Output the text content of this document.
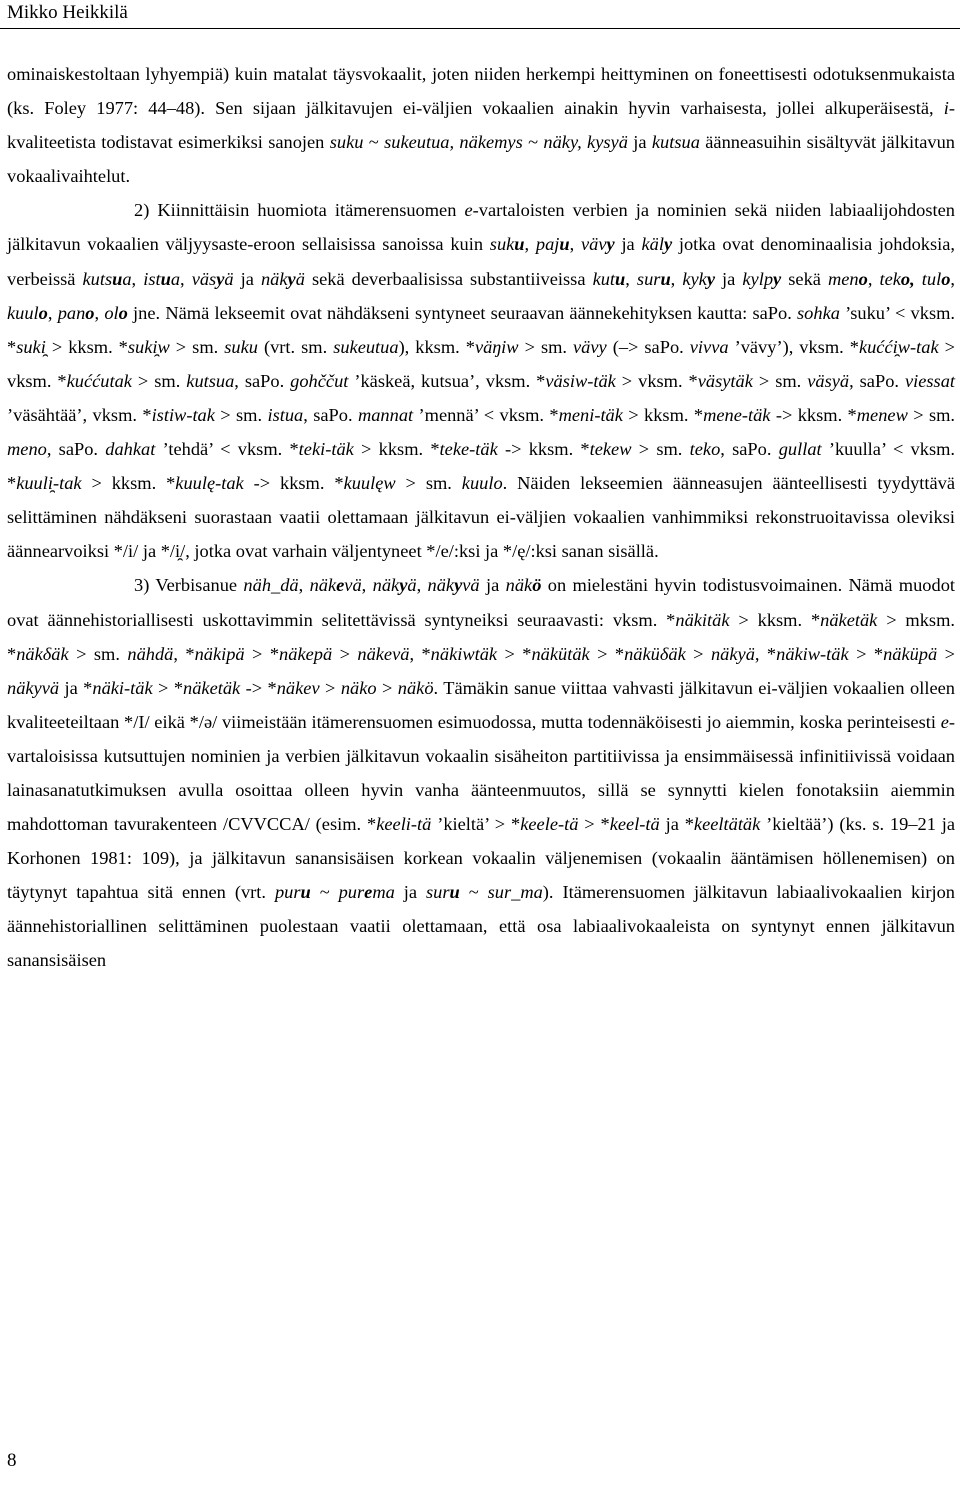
Mikko Heikkilä

ominaiskestoltaan lyhyempiä) kuin matalat täysvokaalit, joten niiden herkempi heittyminen on foneettisesti odotuksenmukaista (ks. Foley 1977: 44–48). Sen sijaan jälkitavujen ei-väljien vokaalien ainakin hyvin varhaisesta, jollei alkuperäisestä, i-kvaliteetista todistavat esimerkiksi sanojen suku ~ sukeutua, näkemys ~ näky, kysyä ja kutsua äänneasuihin sisältyvät jälkitavun vokaalivaihtelut.

2) Kiinnittäisin huomiota itämerensuomen e-vartaloisten verbien ja nominien sekä niiden labiaalijohdosten jälkitavun vokaalien väljyysaste-eroon sellaisissa sanoissa kuin suku, paju, vävy ja käly jotka ovat denominaalisia johdoksia, verbeissä kutsua, istua, väsyä ja näkyä sekä deverbaalisissa substantiiveissa kutu, suru, kyky ja kylpy sekä meno, teko, tulo, kuulo, pano, olo jne. Nämä lekseemit ovat nähdäkseni syntyneet seuraavan äännekehityksen kautta: saPo. sohka ’suku’ < vksm. *suki̯ > kksm. *suki̯w > sm. suku (vrt. sm. sukeutua), kksm. *väŋiw > sm. vävy (–> saPo. vivva ’vävy’), vksm. *kućći̯w-tak > vksm. *kuććutak > sm. kutsua, saPo. gohččut ’käskeä, kutsua’, vksm. *väsiw-täk > vksm. *väsytäk > sm. väsyä, saPo. viessat ’väsähtää’, vksm. *istiw-tak > sm. istua, saPo. mannat ’mennä’ < vksm. *meni-täk > kksm. *mene-täk -> kksm. *menew > sm. meno, saPo. dahkat ’tehdä’ < vksm. *teki-täk > kksm. *teke-täk -> kksm. *tekew > sm. teko, saPo. gullat ’kuulla’ < vksm. *kuuli̯-tak > kksm. *kuulę-tak -> kksm. *kuulęw > sm. kuulo. Näiden lekseemien äänneasujen äänteellisesti tyydyttävä selittäminen nähdäkseni suorastaan vaatii olettamaan jälkitavun ei-väljien vokaalien vanhimmiksi rekonstruoitavissa oleviksi äännearvoiksi */i/ ja */i̯/, jotka ovat varhain väljentyneet */e/:ksi ja */ę/:ksi sanan sisällä.

3) Verbisanue näh_dä, näkevä, näkyä, näkyvä ja näkö on mielestäni hyvin todistusvoimainen. Nämä muodot ovat äännehistoriallisesti uskottavimmin selitettävissä syntyneiksi seuraavasti: vksm. *näkitäk > kksm. *näketäk > mksm. *näkδäk > sm. nähdä, *näkipä > *näkepä > näkevä, *näkiwtäk > *näkütäk > *näküδäk > näkyä, *näkiw-täk > *näküpä > näkyvä ja *näki-täk > *näketäk -> *näkev > näko > näkö. Tämäkin sanue viittaa vahvasti jälkitavun ei-väljien vokaalien olleen kvaliteeteiltaan */I/ eikä */ə/ viimeistään itämerensuomen esimuodossa, mutta todennäköisesti jo aiemmin, koska perinteisesti e-vartaloisissa kutsuttujen nominien ja verbien jälkitavun vokaalin sisäheiton partitiivissa ja ensimmäisessä infinitiivissä voidaan lainasanatutkimuksen avulla osoittaa olleen hyvin vanha äänteenmuutos, sillä se synnytti kielen fonotaksiin aiemmin mahdottoman tavurakenteen /CVVCCA/ (esim. *keeli-tä ’kieltä’ > *keele-tä > *keel-tä ja *keeltätäk ’kieltää’) (ks. s. 19–21 ja Korhonen 1981: 109), ja jälkitavun sanansisäisen korkean vokaalin väljenemisen (vokaalin ääntämisen höllenemisen) on täytynyt tapahtua sitä ennen (vrt. puru ~ purema ja suru ~ sur_ma). Itämerensuomen jälkitavun labiaalivokaalien kirjon äännehistoriallinen selittäminen puolestaan vaatii olettamaan, että osa labiaalivokaaleista on syntynyt ennen jälkitavun sanansisäisen

8
